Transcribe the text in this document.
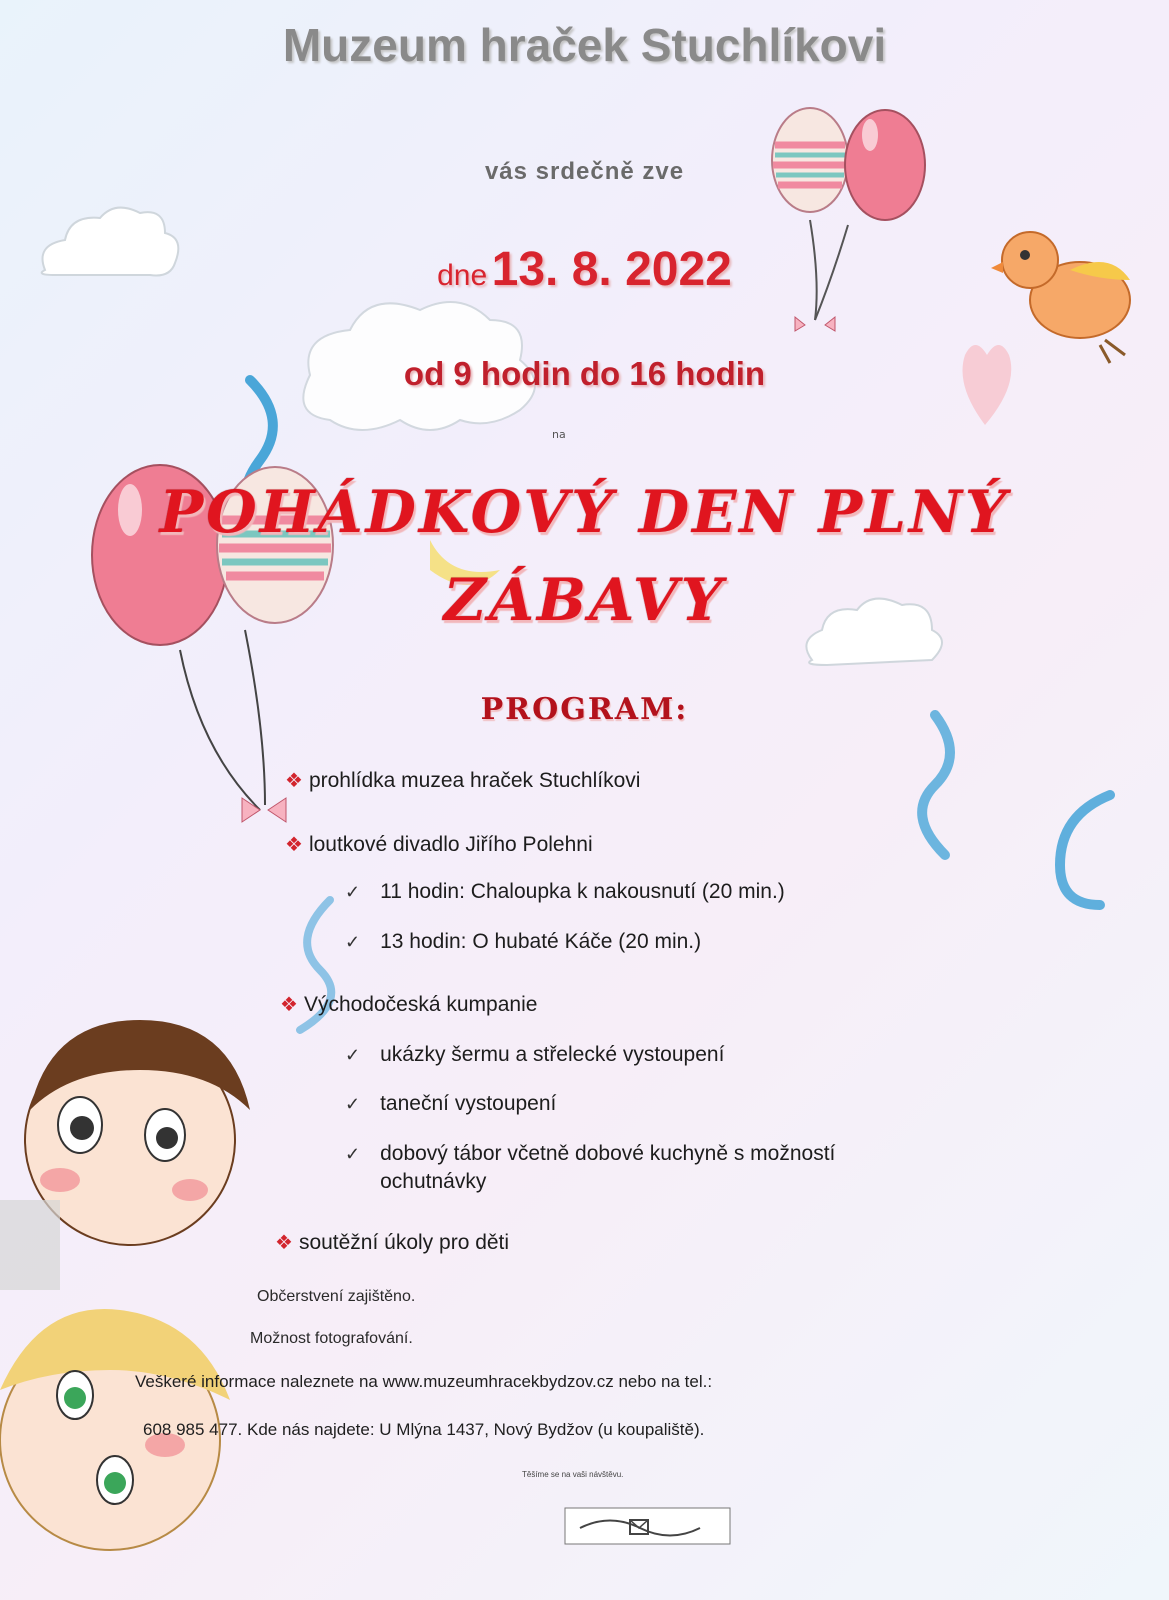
Muzeum hraček Stuchlíkovi
vás srdečně zve
dne 13. 8. 2022
od 9 hodin do 16 hodin
na
POHÁDKOVÝ DEN PLNÝ
ZÁBAVY
PROGRAM:
❖ prohlídka muzea hraček Stuchlíkovi
❖ loutkové divadlo Jiřího Polehni
✓ 11 hodin: Chaloupka k nakousnutí (20 min.)
✓ 13 hodin: O hubaté Káče (20 min.)
❖ Východočeská kumpanie
✓ ukázky šermu a střelecké vystoupení
✓ taneční vystoupení
✓ dobový tábor včetně dobové kuchyně s možností ochutnávky
❖ soutěžní úkoly pro děti
Občerstvení zajištěno.
Možnost fotografování.
Veškeré informace naleznete na www.muzeumhracekbydzov.cz nebo na tel.:
608 985 477. Kde nás najdete: U Mlýna 1437, Nový Bydžov (u koupaliště).
Těšíme se na vaši návštěvu.
